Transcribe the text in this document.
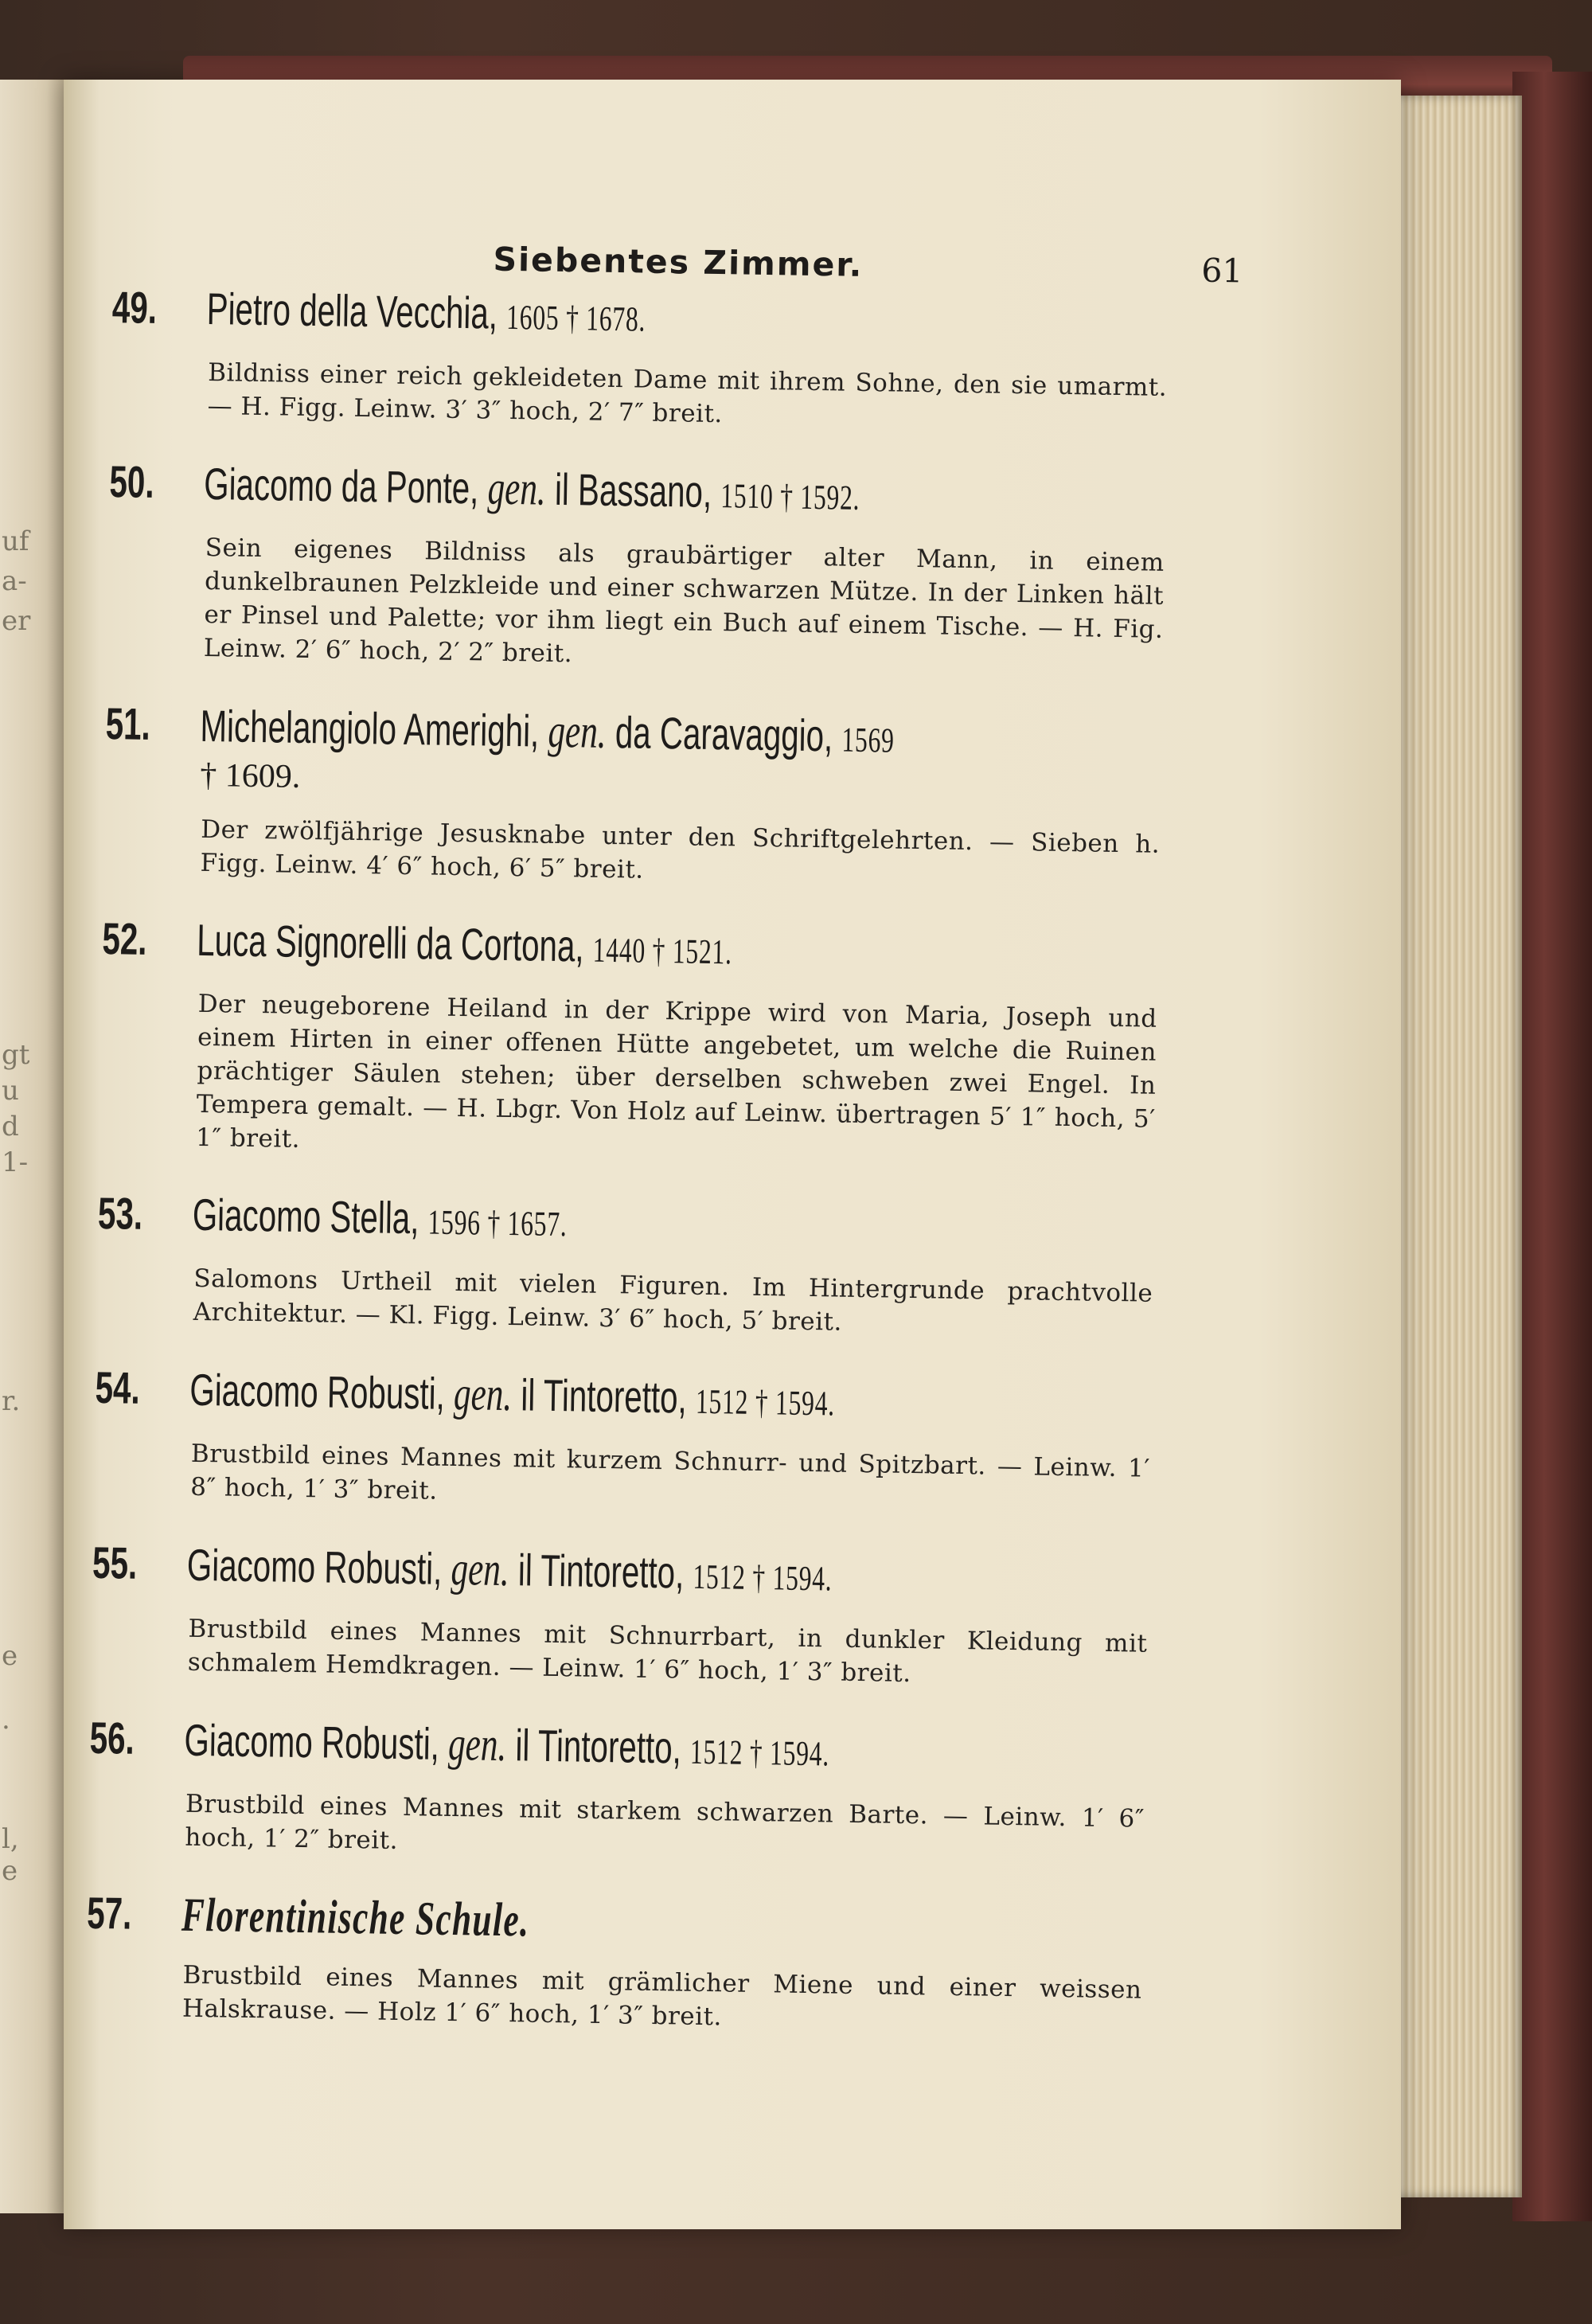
uf
a-
er
gt
u
d
1-
r.
e
.
l,
e
Siebentes Zimmer.	61
49.	Pietro della Vecchia, 1605 † 1678.
Bildniss einer reich gekleideten Dame mit ihrem Sohne, den sie umarmt. — H. Figg. Leinw. 3′ 3″ hoch, 2′ 7″ breit.
50.	Giacomo da Ponte, gen. il Bassano, 1510 † 1592.
Sein eigenes Bildniss als graubärtiger alter Mann, in einem dunkelbraunen Pelzkleide und einer schwarzen Mütze. In der Linken hält er Pinsel und Palette; vor ihm liegt ein Buch auf einem Tische. — H. Fig. Leinw. 2′ 6″ hoch, 2′ 2″ breit.
51.	Michelangiolo Amerighi, gen. da Caravaggio, 1569
† 1609.
Der zwölfjährige Jesusknabe unter den Schriftgelehrten. — Sieben h. Figg. Leinw. 4′ 6″ hoch, 6′ 5″ breit.
52.	Luca Signorelli da Cortona, 1440 † 1521.
Der neugeborene Heiland in der Krippe wird von Maria, Joseph und einem Hirten in einer offenen Hütte angebetet, um welche die Ruinen prächtiger Säulen stehen; über derselben schweben zwei Engel. In Tempera gemalt. — H. Lbgr. Von Holz auf Leinw. übertragen 5′ 1″ hoch, 5′ 1″ breit.
53.	Giacomo Stella, 1596 † 1657.
Salomons Urtheil mit vielen Figuren. Im Hintergrunde prachtvolle Architektur. — Kl. Figg. Leinw. 3′ 6″ hoch, 5′ breit.
54.	Giacomo Robusti, gen. il Tintoretto, 1512 † 1594.
Brustbild eines Mannes mit kurzem Schnurr- und Spitzbart. — Leinw. 1′ 8″ hoch, 1′ 3″ breit.
55.	Giacomo Robusti, gen. il Tintoretto, 1512 † 1594.
Brustbild eines Mannes mit Schnurrbart, in dunkler Kleidung mit schmalem Hemdkragen. — Leinw. 1′ 6″ hoch, 1′ 3″ breit.
56.	Giacomo Robusti, gen. il Tintoretto, 1512 † 1594.
Brustbild eines Mannes mit starkem schwarzen Barte. — Leinw. 1′ 6″ hoch, 1′ 2″ breit.
57.	Florentinische Schule.
Brustbild eines Mannes mit grämlicher Miene und einer weissen Halskrause. — Holz 1′ 6″ hoch, 1′ 3″ breit.
